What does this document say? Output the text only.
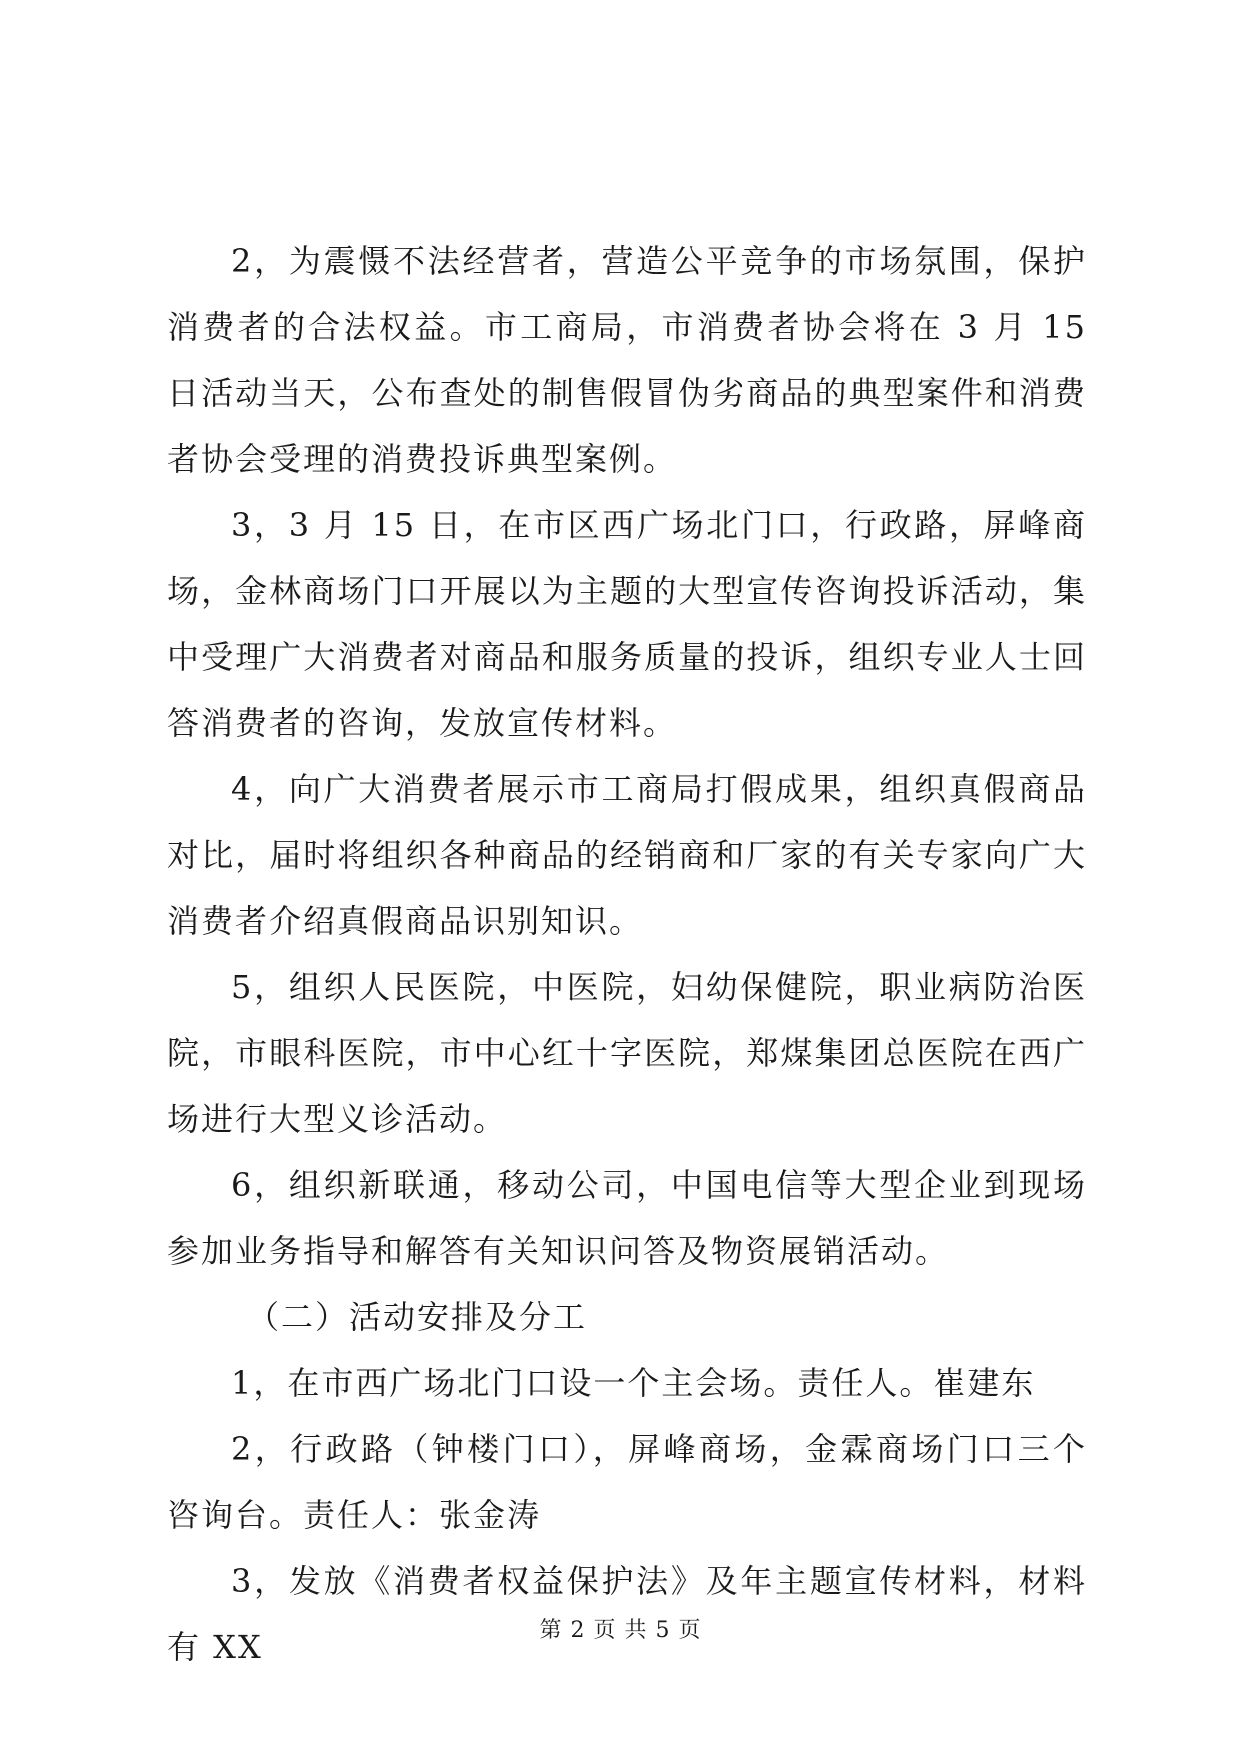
2，为震慑不法经营者，营造公平竞争的市场氛围，保护消费者的合法权益。市工商局，市消费者协会将在 3 月 15 日活动当天，公布查处的制售假冒伪劣商品的典型案件和消费者协会受理的消费投诉典型案例。

3，3 月 15 日，在市区西广场北门口，行政路，屏峰商场，金林商场门口开展以为主题的大型宣传咨询投诉活动，集中受理广大消费者对商品和服务质量的投诉，组织专业人士回答消费者的咨询，发放宣传材料。

4，向广大消费者展示市工商局打假成果，组织真假商品对比，届时将组织各种商品的经销商和厂家的有关专家向广大消费者介绍真假商品识别知识。

5，组织人民医院，中医院，妇幼保健院，职业病防治医院，市眼科医院，市中心红十字医院，郑煤集团总医院在西广场进行大型义诊活动。

6，组织新联通，移动公司，中国电信等大型企业到现场参加业务指导和解答有关知识问答及物资展销活动。

（二）活动安排及分工

1，在市西广场北门口设一个主会场。责任人。崔建东

2，行政路（钟楼门口），屏峰商场，金霖商场门口三个咨询台。责任人：张金涛

3，发放《消费者权益保护法》及年主题宣传材料，材料有 XX	第 2 页 共 5 页
